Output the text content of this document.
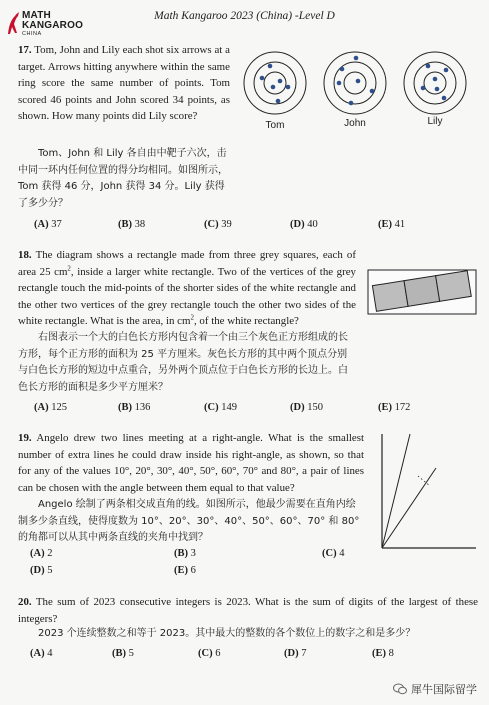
MATH
KANGAROO
CHINA
Math Kangaroo 2023 (China) -Level D
17. Tom, John and Lily each shot six arrows at a target. Arrows hitting anywhere within the same ring score the same number of points. Tom scored 46 points and John scored 34 points, as shown. How many points did Lily score?
Tom、John 和 Lily 各自由中靶子六次，击中同一环内任何位置的得分均相同。如图所示，Tom 获得 46 分，John 获得 34 分。Lily 获得了多少分？
Tom	John	Lily
(A) 37	(B) 38	(C) 39	(D) 40	(E) 41
18. The diagram shows a rectangle made from three grey squares, each of area 25 $cm^2$, inside a larger white rectangle. Two of the vertices of the grey rectangle touch the mid-points of the shorter sides of the white rectangle and the other two vertices of the grey rectangle touch the other two sides of the white rectangle. What is the area, in $cm^2$, of the white rectangle?
右图表示一个大的白色长方形内包含着一个由三个灰色正方形组成的长方形，每个正方形的面积为 25 平方厘米。灰色长方形的其中两个顶点分别与白色长方形的短边中点重合，另外两个顶点位于白色长方形的长边上。白色长方形的面积是多少平方厘米？
(A) 125	(B) 136	(C) 149	(D) 150	(E) 172
19. Angelo drew two lines meeting at a right-angle. What is the smallest number of extra lines he could draw inside his right-angle, as shown, so that for any of the values 10°, 20°, 30°, 40°, 50°, 60°, 70° and 80°, a pair of lines can be chosen with the angle between them equal to that value?
Angelo 绘制了两条相交成直角的线。如图所示，他最少需要在直角内绘制多少条直线，使得度数为 10°、20°、30°、40°、50°、60°、70° 和 80° 的角都可以从其中两条直线的夹角中找到？
(A) 2	(B) 3	(C) 4
(D) 5	(E) 6
20. The sum of 2023 consecutive integers is 2023. What is the sum of digits of the largest of these integers?
2023 个连续整数之和等于 2023。其中最大的整数的各个数位上的数字之和是多少？
(A) 4	(B) 5	(C) 6	(D) 7	(E) 8
犀牛国际留学
